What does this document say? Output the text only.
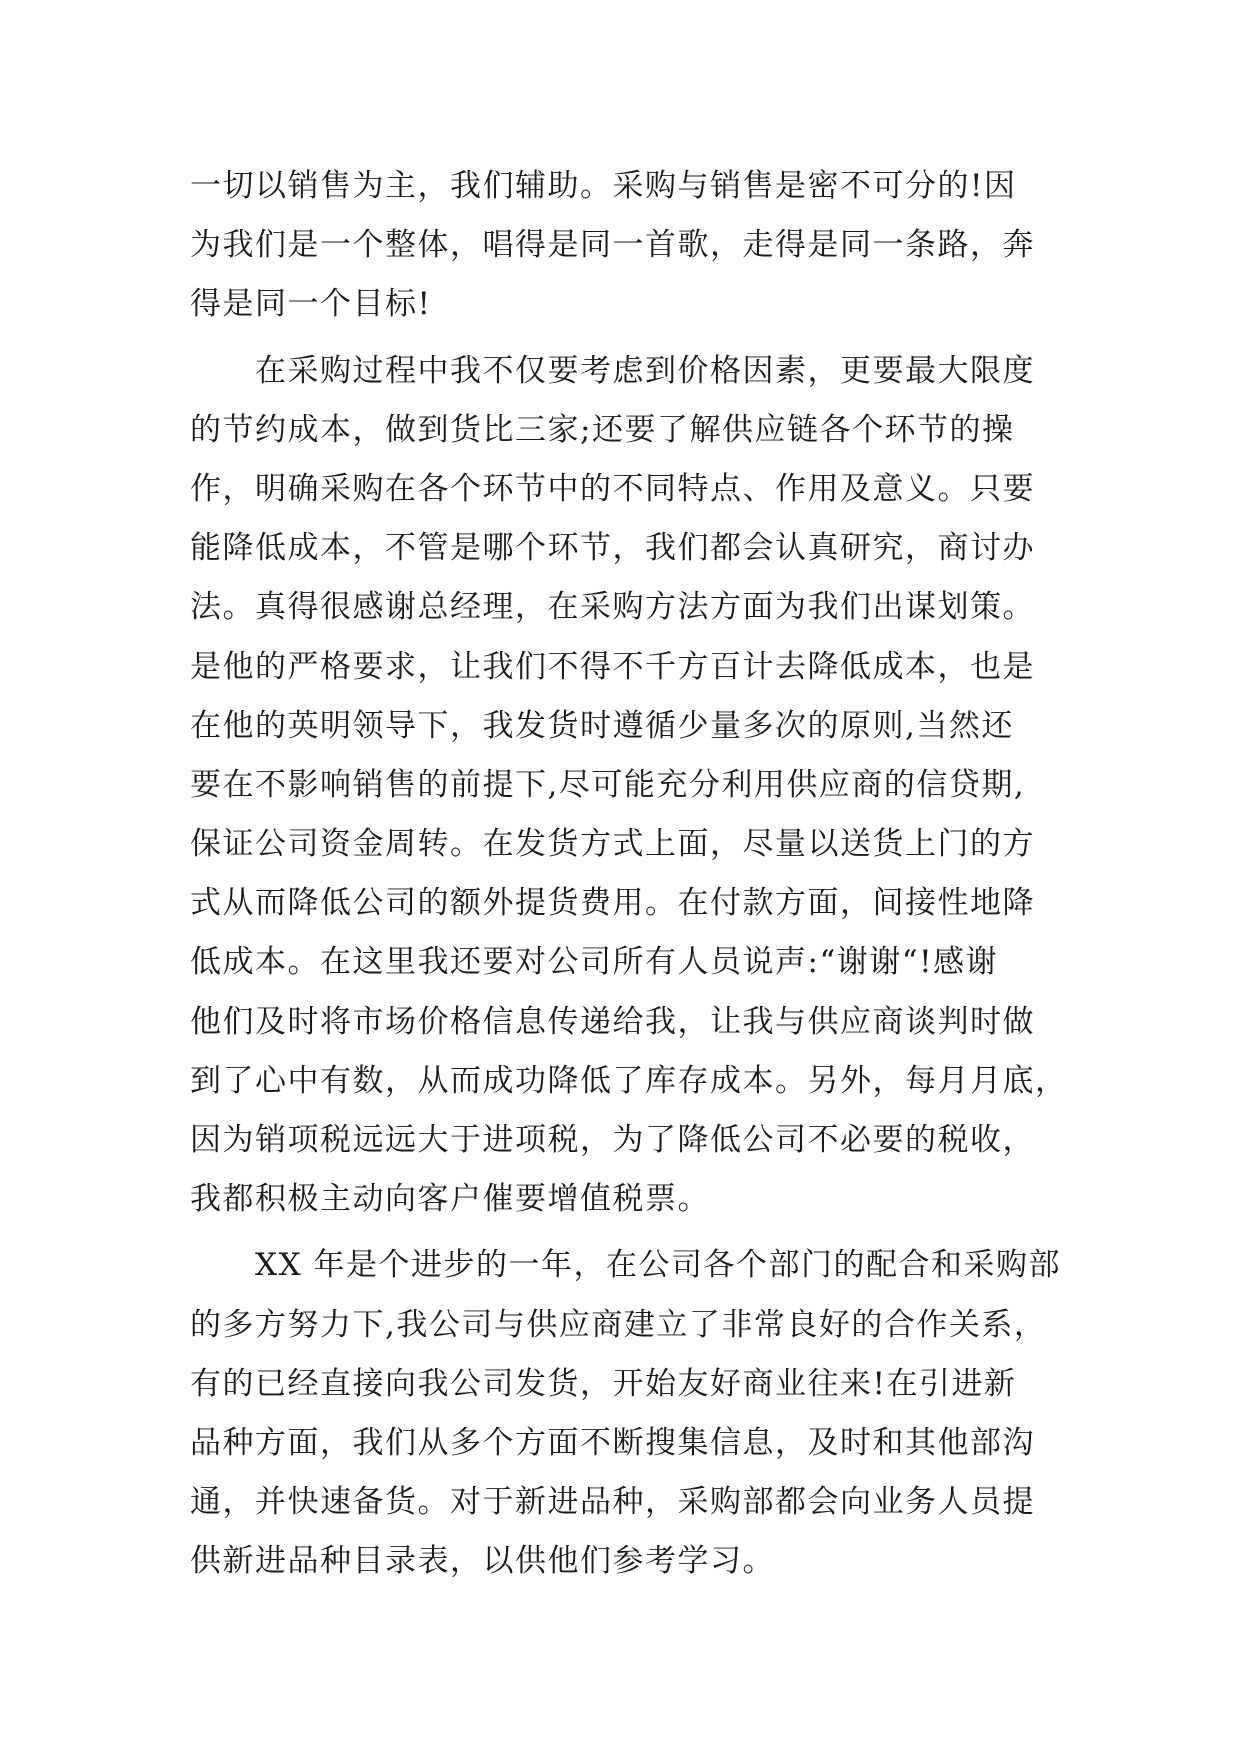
一切以销售为主，我们辅助。采购与销售是密不可分的!因
为我们是一个整体，唱得是同一首歌，走得是同一条路，奔
得是同一个目标!
　　在采购过程中我不仅要考虑到价格因素，更要最大限度
的节约成本，做到货比三家;还要了解供应链各个环节的操
作，明确采购在各个环节中的不同特点、作用及意义。只要
能降低成本，不管是哪个环节，我们都会认真研究，商讨办
法。真得很感谢总经理，在采购方法方面为我们出谋划策。
是他的严格要求，让我们不得不千方百计去降低成本，也是
在他的英明领导下，我发货时遵循少量多次的原则,当然还
要在不影响销售的前提下,尽可能充分利用供应商的信贷期,
保证公司资金周转。在发货方式上面，尽量以送货上门的方
式从而降低公司的额外提货费用。在付款方面，间接性地降
低成本。在这里我还要对公司所有人员说声:“谢谢“!感谢
他们及时将市场价格信息传递给我，让我与供应商谈判时做
到了心中有数，从而成功降低了库存成本。另外，每月月底，
因为销项税远远大于进项税，为了降低公司不必要的税收，
我都积极主动向客户催要增值税票。
　　XX 年是个进步的一年，在公司各个部门的配合和采购部
的多方努力下,我公司与供应商建立了非常良好的合作关系，
有的已经直接向我公司发货，开始友好商业往来!在引进新
品种方面，我们从多个方面不断搜集信息，及时和其他部沟
通，并快速备货。对于新进品种，采购部都会向业务人员提
供新进品种目录表，以供他们参考学习。
